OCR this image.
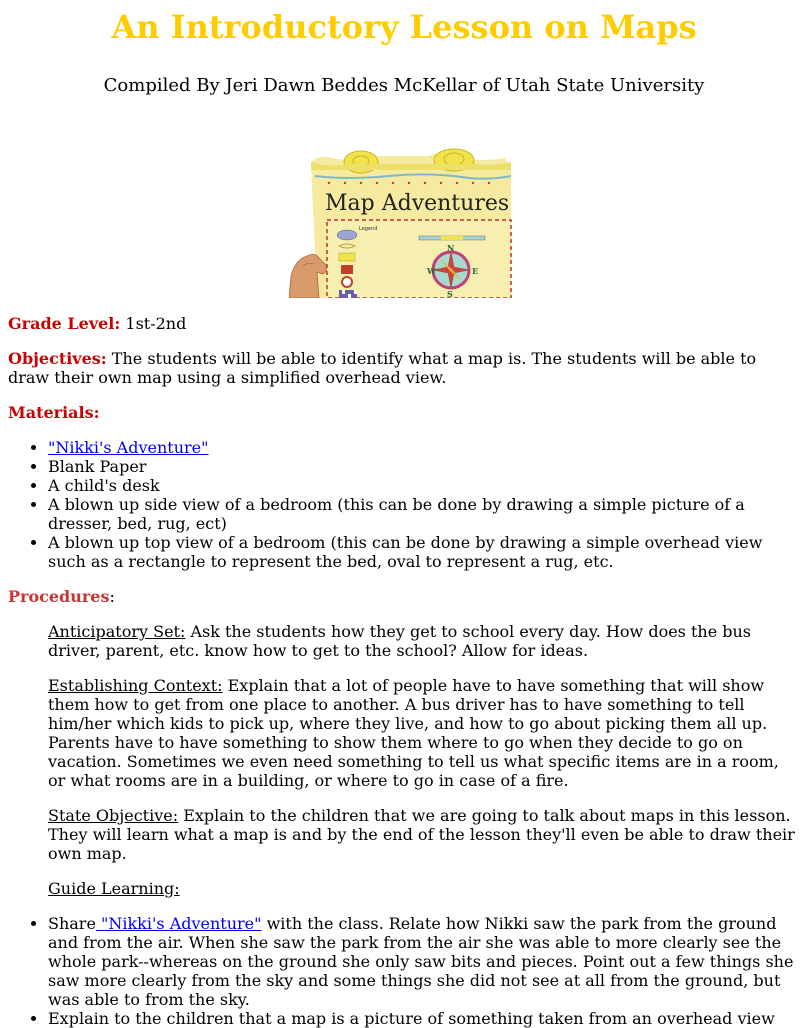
An Introductory Lesson on Maps

Compiled By Jeri Dawn Beddes McKellar of Utah State University

Map Adventures
Legend
N
W	E
S

Grade Level: 1st-2nd

Objectives: The students will be able to identify what a map is. The students will be able to draw their own map using a simplified overhead view.

Materials:

• "Nikki's Adventure"
• Blank Paper
• A child's desk
• A blown up side view of a bedroom (this can be done by drawing a simple picture of a dresser, bed, rug, ect)
• A blown up top view of a bedroom (this can be done by drawing a simple overhead view such as a rectangle to represent the bed, oval to represent a rug, etc.

Procedures:

Anticipatory Set: Ask the students how they get to school every day. How does the bus driver, parent, etc. know how to get to the school? Allow for ideas.

Establishing Context: Explain that a lot of people have to have something that will show them how to get from one place to another. A bus driver has to have something to tell him/her which kids to pick up, where they live, and how to go about picking them all up. Parents have to have something to show them where to go when they decide to go on vacation. Sometimes we even need something to tell us what specific items are in a room, or what rooms are in a building, or where to go in case of a fire.

State Objective: Explain to the children that we are going to talk about maps in this lesson. They will learn what a map is and by the end of the lesson they'll even be able to draw their own map.

Guide Learning:

• Share "Nikki's Adventure" with the class. Relate how Nikki saw the park from the ground and from the air. When she saw the park from the air she was able to more clearly see the whole park--whereas on the ground she only saw bits and pieces. Point out a few things she saw more clearly from the sky and some things she did not see at all from the ground, but was able to from the sky.
• Explain to the children that a map is a picture of something taken from an overhead view
